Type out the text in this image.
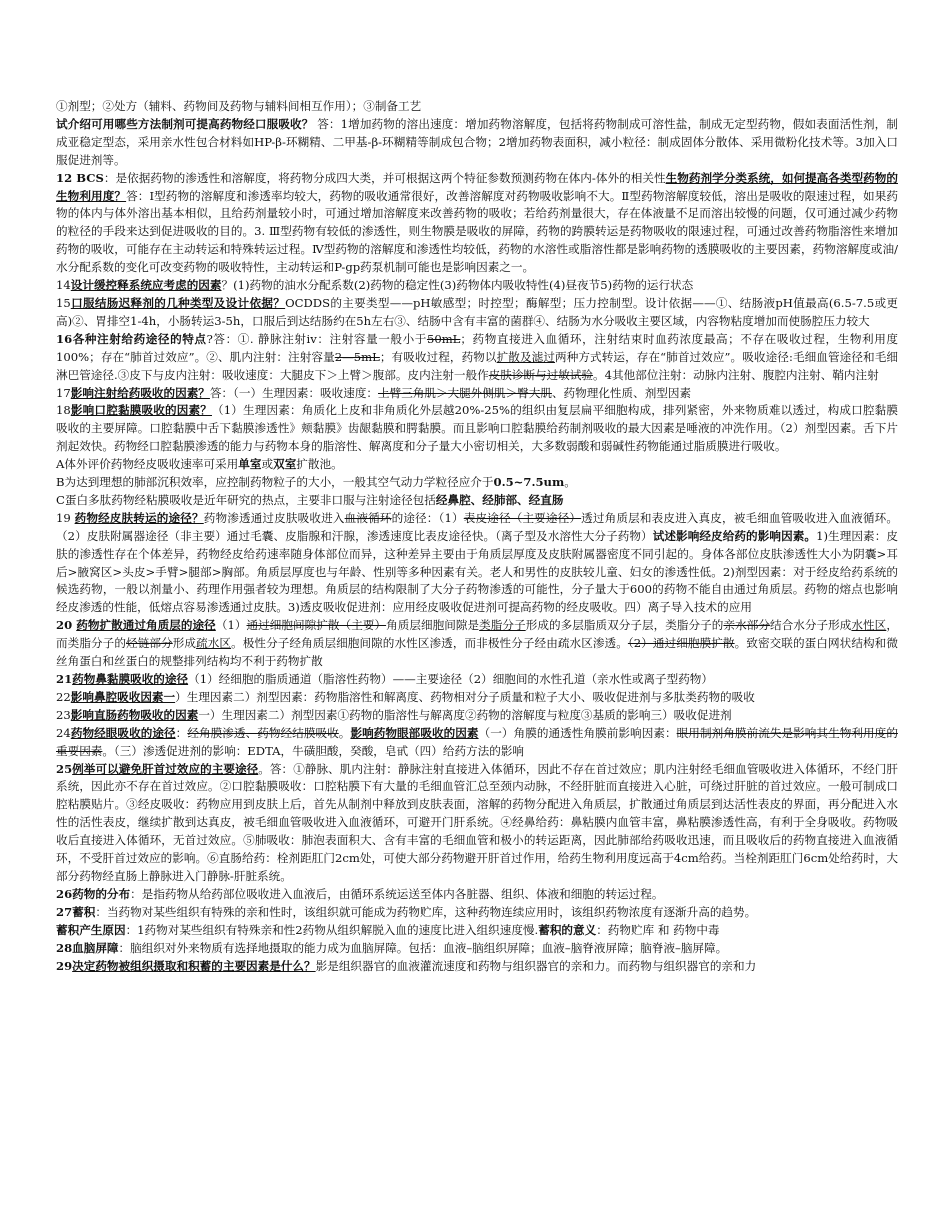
①剂型；②处方（辅料、药物间及药物与辅料间相互作用）；③制备工艺

试介绍可用哪些方法制剂可提高药物经口服吸收？ 答：1增加药物的溶出速度：增加药物溶解度，包括将药物制成可溶性盐，制成无定型药物，假如表面活性剂，制成亚稳定型态，采用亲水性包合材料如HP-β-环糊精、二甲基-β-环糊精等制成包合物；2增加药物表面积，减小粒径：制成固体分散体、采用微粉化技术等。3加入口服促进剂等。

12 BCS：是依据药物的渗透性和溶解度，将药物分成四大类，并可根据这两个特征参数预测药物在体内-体外的相关性生物药剂学分类系统，如何提高各类型药物的生物利用度？答：Ⅰ型药物的溶解度和渗透率均较大，药物的吸收通常很好，改善溶解度对药物吸收影响不大。Ⅱ型药物溶解度较低，溶出是吸收的限速过程，如果药物的体内与体外溶出基本相似，且给药剂量较小时，可通过增加溶解度来改善药物的吸收；若给药剂量很大，存在体液量不足而溶出较慢的问题，仅可通过减少药物的粒径的手段来达到促进吸收的目的。3. Ⅲ型药物有较低的渗透性，则生物膜是吸收的屏障，药物的跨膜转运是药物吸收的限速过程，可通过改善药物脂溶性来增加药物的吸收，可能存在主动转运和特殊转运过程。Ⅳ型药物的溶解度和渗透性均较低，药物的水溶性或脂溶性都是影响药物的透膜吸收的主要因素，药物溶解度或油/水分配系数的变化可改变药物的吸收特性，主动转运和P-gp药泵机制可能也是影响因素之一。

14设计缓控释系统应考虑的因素？(1)药物的油水分配系数(2)药物的稳定性(3)药物体内吸收特性(4)昼夜节5)药物的运行状态

15口服结肠迟释剂的几种类型及设计依据？OCDDS的主要类型——pH敏感型；时控型；酶解型；压力控制型。设计依据——①、结肠液pH值最高(6.5-7.5或更高)②、胃排空1-4h，小肠转运3-5h，口服后到达结肠约在5h左右③、结肠中含有丰富的菌群④、结肠为水分吸收主要区域，内容物粘度增加而使肠腔压力较大

16各种注射给药途径的特点?答：①. 静脉注射iv：注射容量一般小于50mL；药物直接进入血循环，注射结束时血药浓度最高；不存在吸收过程，生物利用度100%；存在“肺首过效应”。②、肌内注射：注射容量2—5mL；有吸收过程，药物以扩散及滤过两种方式转运，存在“肺首过效应”。吸收途径:毛细血管途径和毛细淋巴管途径.③皮下与皮内注射：吸收速度：大腿皮下＞上臂＞腹部。皮内注射一般作皮肤诊断与过敏试验。4其他部位注射：动脉内注射、腹腔内注射、鞘内注射

17影响注射给药吸收的因素？答：（一）生理因素：吸收速度：上臂三角肌＞大腿外侧肌＞臀大肌、药物理化性质、剂型因素

18影响口腔黏膜吸收的因素？（1）生理因素：角质化上皮和非角质化外层越20%-25%的组织由复层扁平细胞构成，排列紧密，外来物质难以透过，构成口腔黏膜吸收的主要屏障。口腔黏膜中舌下黏膜渗透性》颊黏膜》齿龈黏膜和腭黏膜。而且影响口腔黏膜给药制剂吸收的最大因素是唾液的冲洗作用。（2）剂型因素。舌下片剂起效快。药物经口腔黏膜渗透的能力与药物本身的脂溶性、解离度和分子量大小密切相关，大多数弱酸和弱碱性药物能通过脂质膜进行吸收。

A体外评价药物经皮吸收速率可采用单室或双室扩散池。

B为达到理想的肺部沉积效率，应控制药物粒子的大小，一般其空气动力学粒径应介于0.5~7.5um。

C蛋白多肽药物经粘膜吸收是近年研究的热点，主要非口服与注射途径包括经鼻腔、经肺部、经直肠

19 药物经皮肤转运的途径？药物渗透通过皮肤吸收进入血液循环的途径：（1）表皮途径（主要途径）透过角质层和表皮进入真皮，被毛细血管吸收进入血液循环。（2）皮肤附属器途径（非主要）通过毛囊、皮脂腺和汗腺，渗透速度比表皮途径快。（离子型及水溶性大分子药物）试述影响经皮给药的影响因素。1)生理因素：皮肤的渗透性存在个体差异，药物经皮给药速率随身体部位而异，这种差异主要由于角质层厚度及皮肤附属器密度不同引起的。身体各部位皮肤渗透性大小为阴囊>耳后>腋窝区>头皮>手臂>腿部>胸部。角质层厚度也与年龄、性别等多种因素有关。老人和男性的皮肤较儿童、妇女的渗透性低。2)剂型因素：对于经皮给药系统的候选药物，一般以剂量小、药理作用强者较为理想。角质层的结构限制了大分子药物渗透的可能性，分子量大于600的药物不能自由通过角质层。药物的熔点也影响经皮渗透的性能，低熔点容易渗透通过皮肤。3)透皮吸收促进剂：应用经皮吸收促进剂可提高药物的经皮吸收。四）离子导入技术的应用

20 药物扩散通过角质层的途径（1）通过细胞间隙扩散（主要）角质层细胞间隙是类脂分子形成的多层脂质双分子层，类脂分子的亲水部分结合水分子形成水性区，而类脂分子的烃链部分形成疏水区。极性分子经角质层细胞间隙的水性区渗透，而非极性分子经由疏水区渗透。（2）通过细胞膜扩散。致密交联的蛋白网状结构和微丝角蛋白和丝蛋白的规整排列结构均不利于药物扩散

21药物鼻黏膜吸收的途径（1）经细胞的脂质通道（脂溶性药物）——主要途径（2）细胞间的水性孔道（亲水性或离子型药物）

22影响鼻腔吸收因素一）生理因素二）剂型因素：药物脂溶性和解离度、药物相对分子质量和粒子大小、吸收促进剂与多肽类药物的吸收

23影响直肠药物吸收的因素一）生理因素二）剂型因素①药物的脂溶性与解离度②药物的溶解度与粒度③基质的影响三）吸收促进剂

24药物经眼吸收的途径：经角膜渗透、药物经结膜吸收。影响药物眼部吸收的因素（一）角膜的通透性角膜前影响因素：眼用制剂角膜前流失是影响其生物利用度的重要因素。（三）渗透促进剂的影响：EDTA，牛磺胆酸，癸酸，皂甙（四）给药方法的影响

25例举可以避免肝首过效应的主要途径。答：①静脉、肌内注射：静脉注射直接进入体循环，因此不存在首过效应；肌内注射经毛细血管吸收进入体循环，不经门肝系统，因此亦不存在首过效应。②口腔黏膜吸收：口腔粘膜下有大量的毛细血管汇总至颈内动脉，不经肝脏而直接进入心脏，可绕过肝脏的首过效应。一般可制成口腔粘膜贴片。③经皮吸收：药物应用到皮肤上后，首先从制剂中释放到皮肤表面，溶解的药物分配进入角质层，扩散通过角质层到达活性表皮的界面，再分配进入水性的活性表皮，继续扩散到达真皮，被毛细血管吸收进入血液循环，可避开门肝系统。④经鼻给药：鼻粘膜内血管丰富，鼻粘膜渗透性高，有利于全身吸收。药物吸收后直接进入体循环，无首过效应。⑤肺吸收：肺泡表面积大、含有丰富的毛细血管和极小的转运距离，因此肺部给药吸收迅速，而且吸收后的药物直接进入血液循环，不受肝首过效应的影响。⑥直肠给药：栓剂距肛门2cm处，可使大部分药物避开肝首过作用，给药生物利用度远高于4cm给药。当栓剂距肛门6cm处给药时，大部分药物经直肠上静脉进入门静脉-肝脏系统。

26药物的分布：是指药物从给药部位吸收进入血液后，由循环系统运送至体内各脏器、组织、体液和细胞的转运过程。

27蓄积：当药物对某些组织有特殊的亲和性时，该组织就可能成为药物贮库，这种药物连续应用时，该组织药物浓度有逐渐升高的趋势。

蓄积产生原因：1药物对某些组织有特殊亲和性2药物从组织解脱入血的速度比进入组织速度慢.蓄积的意义：药物贮库 和 药物中毒

28血脑屏障：脑组织对外来物质有选择地摄取的能力成为血脑屏障。包括：血液–脑组织屏障；血液–脑脊液屏障；脑脊液–脑屏障。

29决定药物被组织摄取和积蓄的主要因素是什么？影是组织器官的血液灌流速度和药物与组织器官的亲和力。而药物与组织器官的亲和力
